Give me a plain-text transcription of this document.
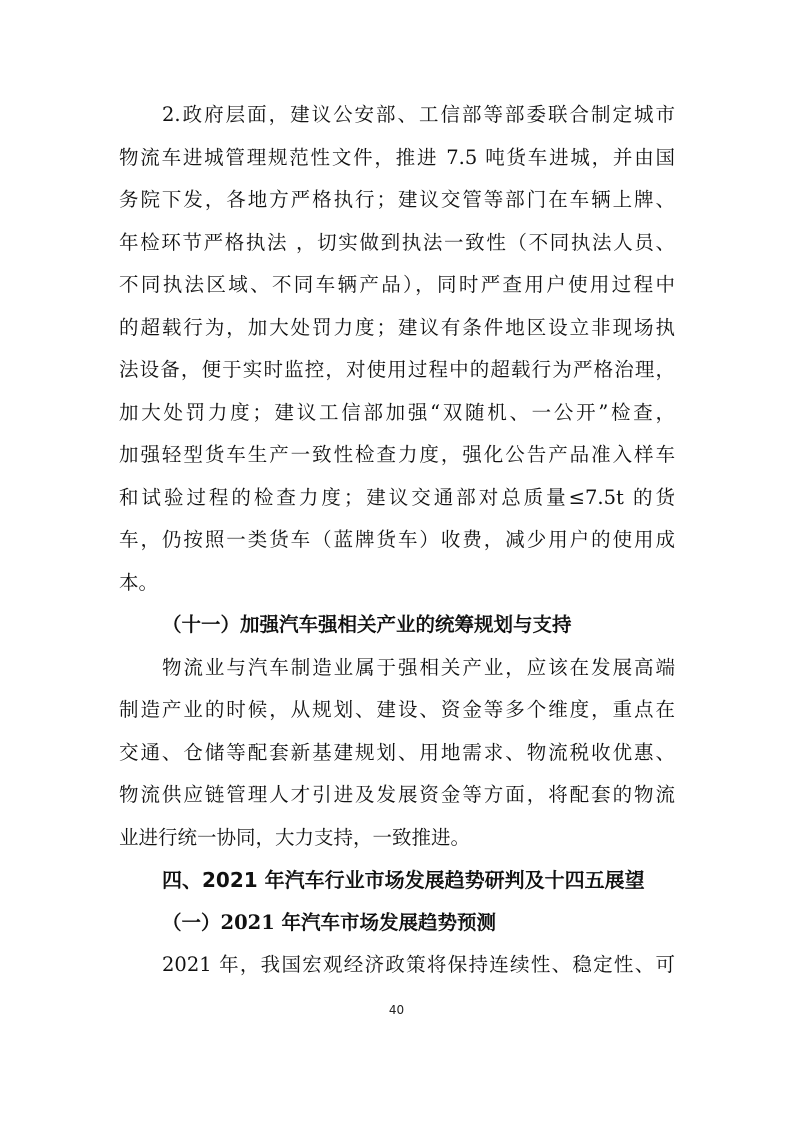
2.政府层面，建议公安部、工信部等部委联合制定城市
物流车进城管理规范性文件，推进 7.5 吨货车进城，并由国
务院下发，各地方严格执行；建议交管等部门在车辆上牌、
年检环节严格执法 ，切实做到执法一致性（不同执法人员、
不同执法区域、不同车辆产品），同时严查用户使用过程中
的超载行为，加大处罚力度；建议有条件地区设立非现场执
法设备，便于实时监控，对使用过程中的超载行为严格治理，
加大处罚力度；建议工信部加强“双随机、一公开”检查，
加强轻型货车生产一致性检查力度，强化公告产品准入样车
和试验过程的检查力度；建议交通部对总质量≤7.5t 的货
车，仍按照一类货车（蓝牌货车）收费，减少用户的使用成
本。
（十一）加强汽车强相关产业的统筹规划与支持
物流业与汽车制造业属于强相关产业，应该在发展高端
制造产业的时候，从规划、建设、资金等多个维度，重点在
交通、仓储等配套新基建规划、用地需求、物流税收优惠、
物流供应链管理人才引进及发展资金等方面，将配套的物流
业进行统一协同，大力支持，一致推进。
四、2021 年汽车行业市场发展趋势研判及十四五展望
（一）2021 年汽车市场发展趋势预测
2021 年，我国宏观经济政策将保持连续性、稳定性、可
40
